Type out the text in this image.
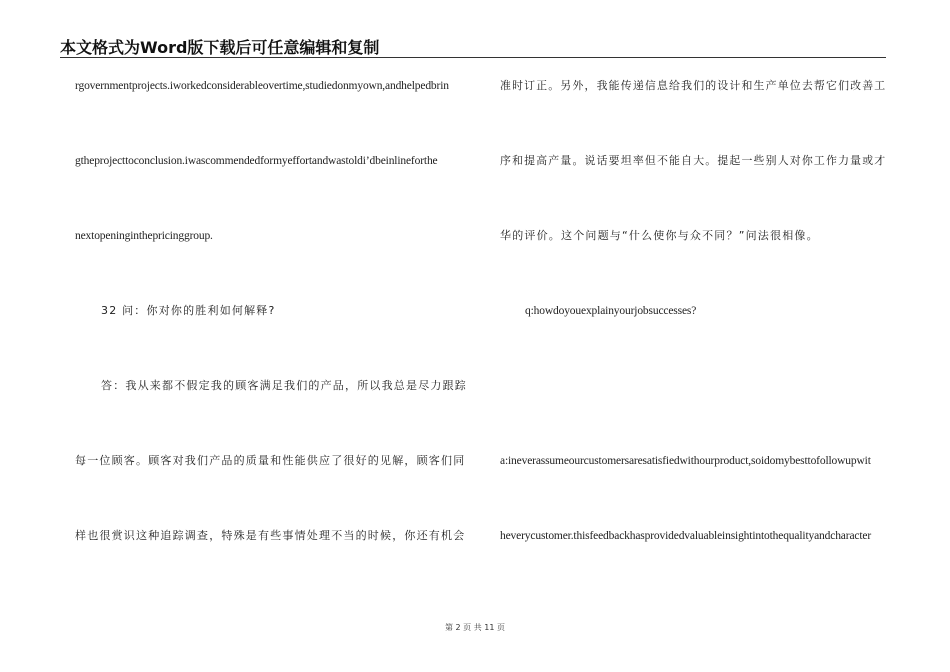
本文格式为Word版下载后可任意编辑和复制
rgovernmentprojects.iworkedconsiderableovertime,studiedonmyown,andhelpedbrin
gtheprojecttoconclusion.iwascommendedformyeffortandwastoldi’dbeinlineforthe
nextopeninginthepricinggroup.
32 问：你对你的胜利如何解释?
答：我从来都不假定我的顾客满足我们的产品，所以我总是尽力跟踪
每一位顾客。顾客对我们产品的质量和性能供应了很好的见解，顾客们同
样也很赏识这种追踪调查，特殊是有些事情处理不当的时候，你还有机会
准时订正。另外，我能传递信息给我们的设计和生产单位去帮它们改善工
序和提高产量。说话要坦率但不能自大。提起一些别人对你工作力量或才
华的评价。这个问题与“什么使你与众不同？”问法很相像。
q:howdoyouexplainyourjobsuccesses?
a:ineverassumeourcustomersaresatisfiedwithourproduct,soidomybesttofollowupwit
heverycustomer.thisfeedbackhasprovidedvaluableinsightintothequalityandcharacter
第 2 页 共 11 页
